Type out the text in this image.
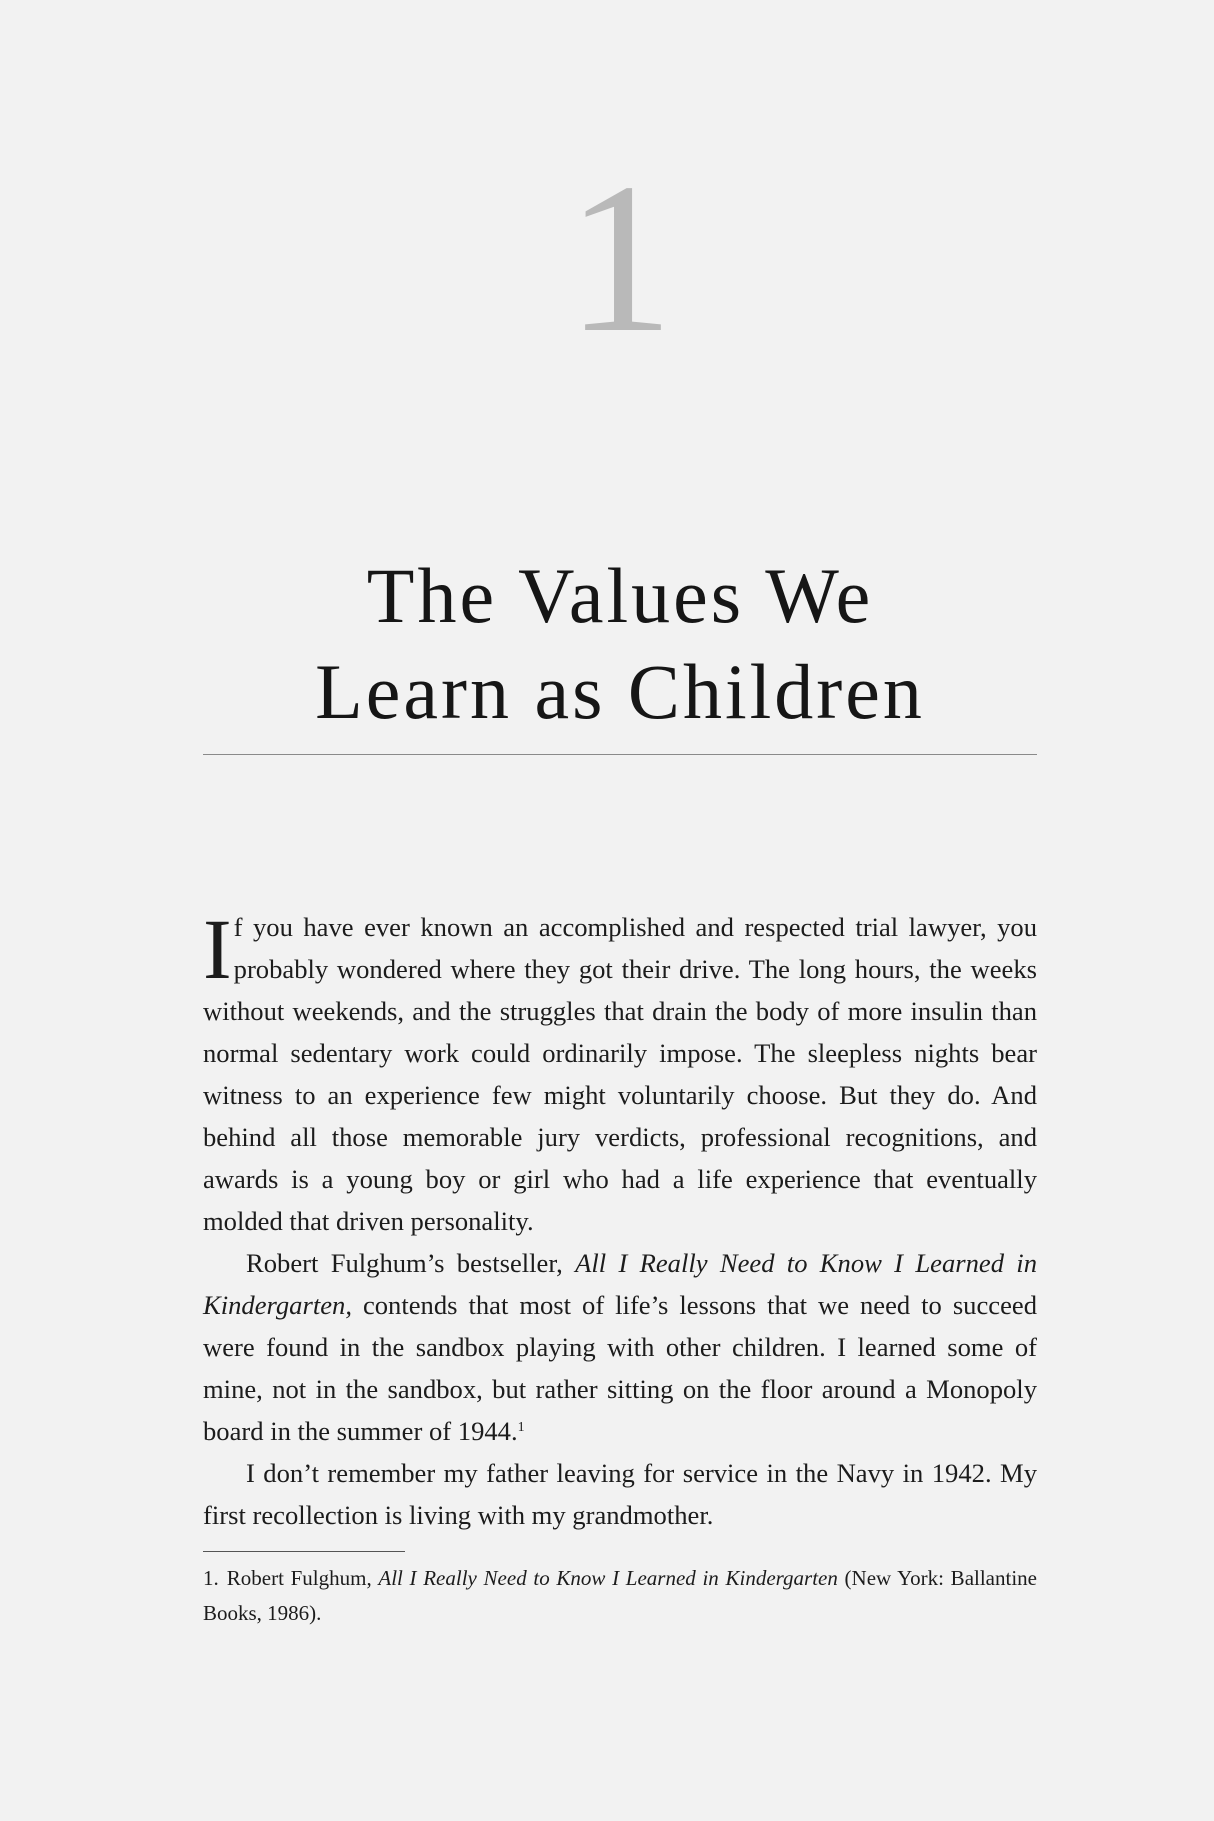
1
The Values We
Learn as Children

If you have ever known an accomplished and respected trial lawyer, you probably wondered where they got their drive. The long hours, the weeks without weekends, and the struggles that drain the body of more insulin than normal sedentary work could ordinarily impose. The sleepless nights bear witness to an experience few might voluntarily choose. But they do. And behind all those memorable jury verdicts, professional recognitions, and awards is a young boy or girl who had a life experience that eventually molded that driven personality.

Robert Fulghum’s bestseller, All I Really Need to Know I Learned in Kindergarten, contends that most of life’s lessons that we need to succeed were found in the sandbox playing with other children. I learned some of mine, not in the sandbox, but rather sitting on the floor around a Monopoly board in the summer of 1944.$^1$

I don’t remember my father leaving for service in the Navy in 1942. My first recollection is living with my grandmother.

1. Robert Fulghum, All I Really Need to Know I Learned in Kindergarten (New York: Ballantine Books, 1986).
